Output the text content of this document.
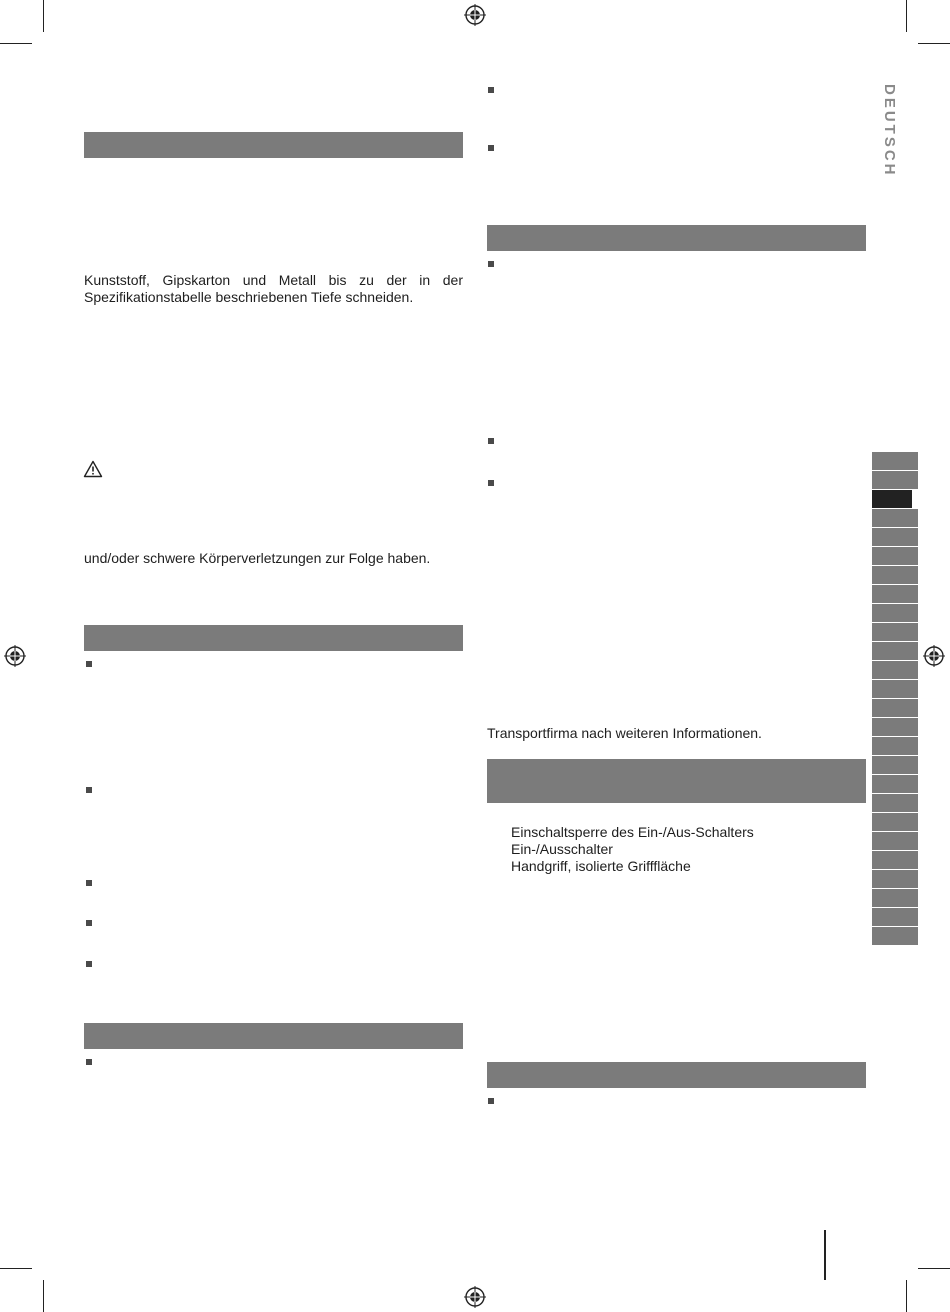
DEUTSCH
Kunststoff, Gipskarton und Metall bis zu der in der Spezifikationstabelle beschriebenen Tiefe schneiden.
und/oder schwere Körperverletzungen zur Folge haben.
Transportfirma nach weiteren Informationen.
Einschaltsperre des Ein-/Aus-Schalters
Ein-/Ausschalter
Handgriff, isolierte Grifffläche
